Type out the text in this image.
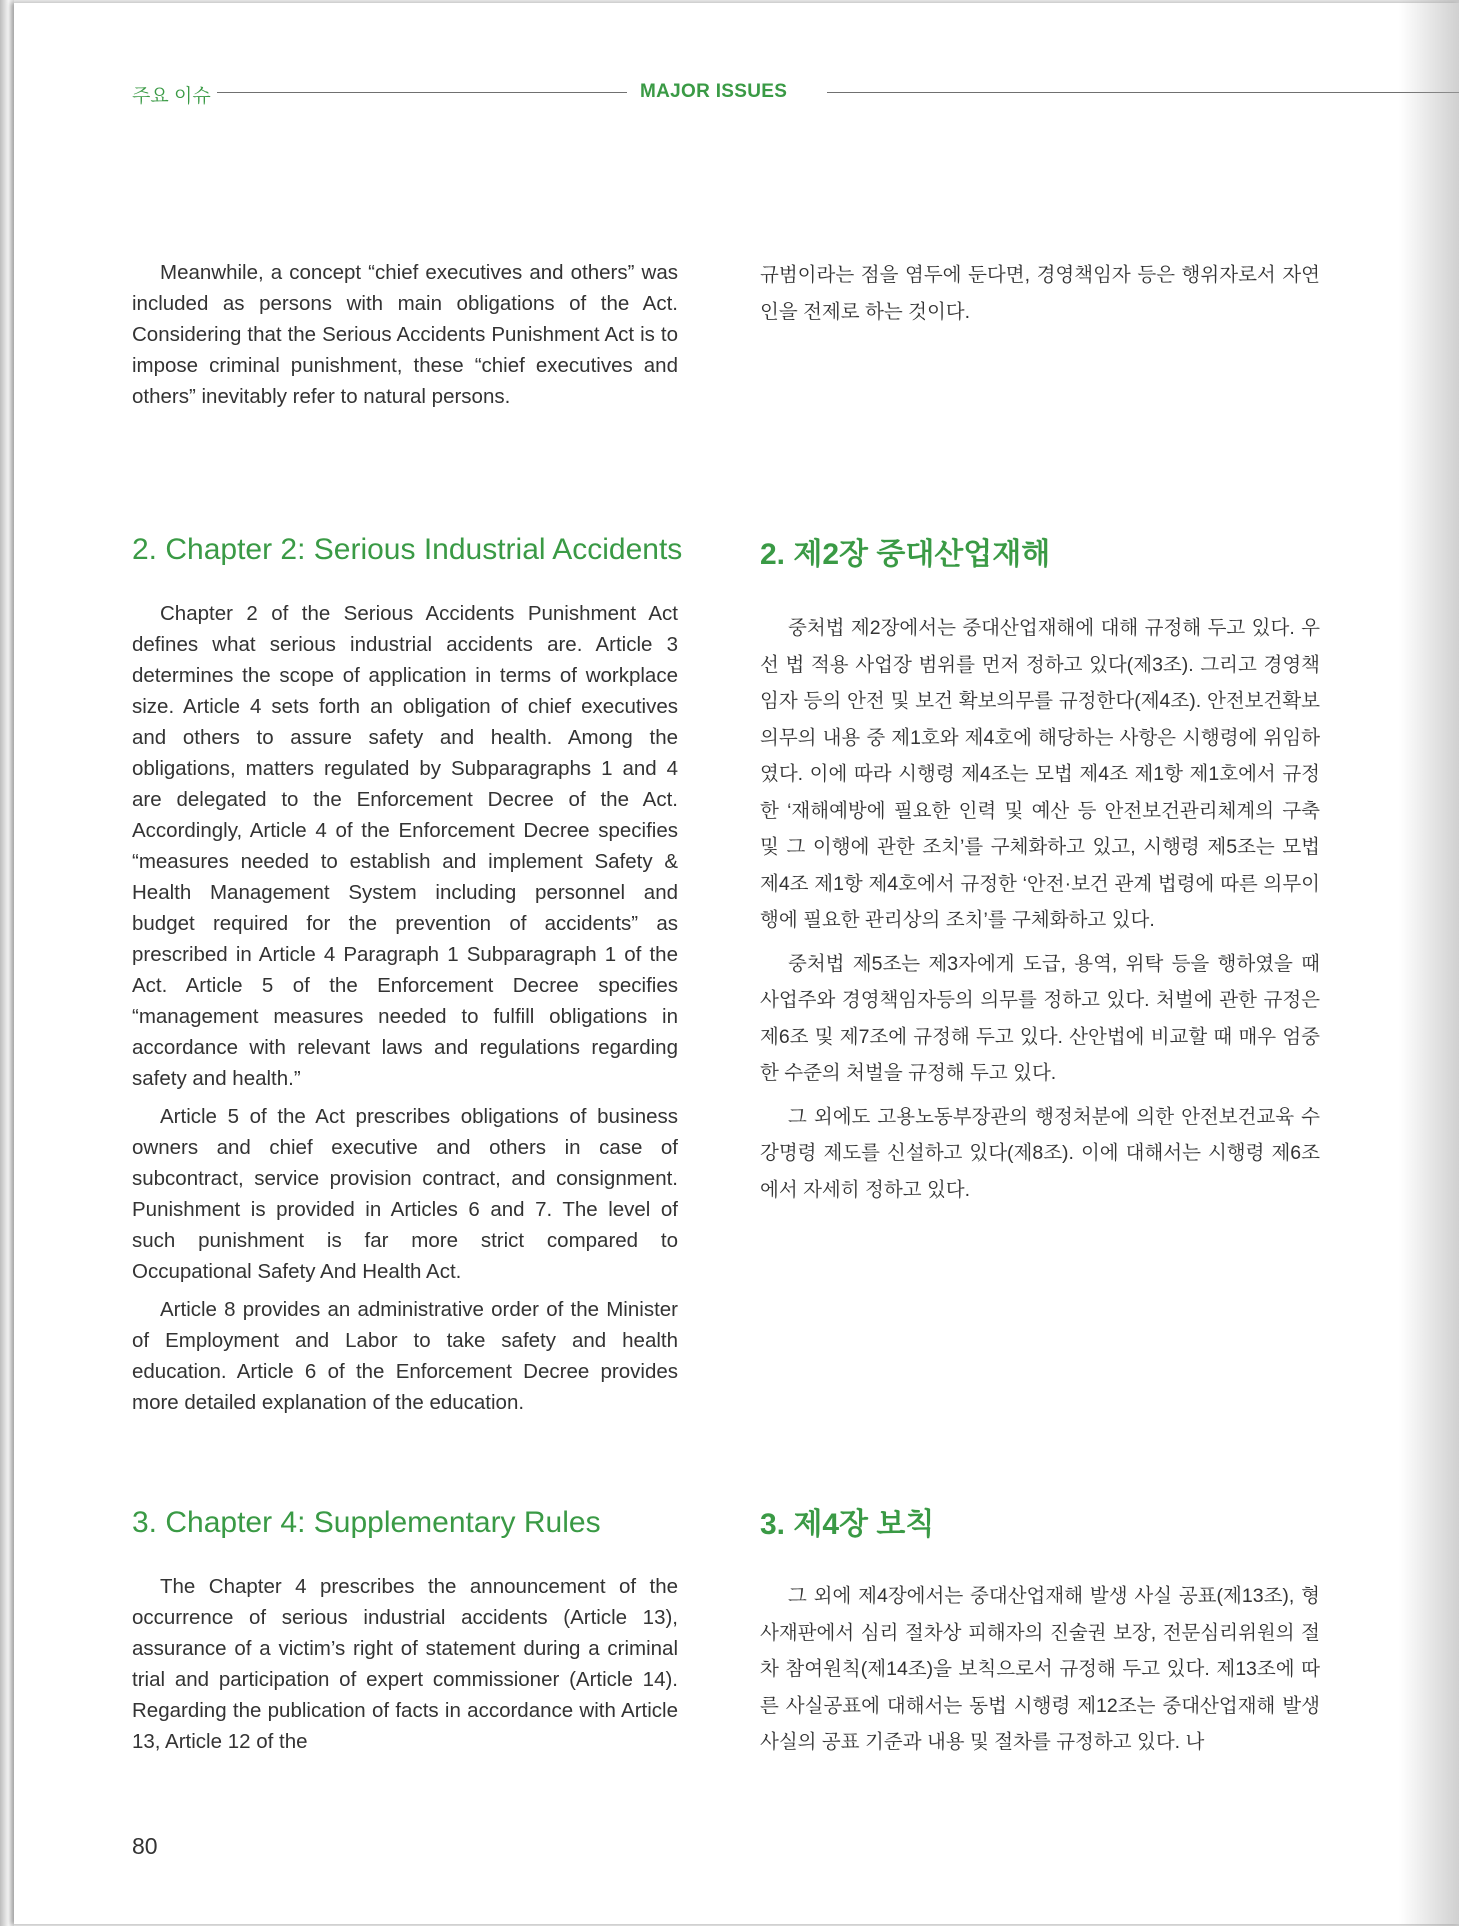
주요 이슈	MAJOR ISSUES

Meanwhile, a concept “chief executives and others” was included as persons with main obligations of the Act. Considering that the Serious Accidents Punishment Act is to impose criminal punishment, these “chief executives and others” inevitably refer to natural persons.

규범이라는 점을 염두에 둔다면, 경영책임자 등은 행위자로서 자연인을 전제로 하는 것이다.

2. Chapter 2: Serious Industrial Accidents	2. 제2장 중대산업재해

Chapter 2 of the Serious Accidents Punishment Act defines what serious industrial accidents are. Article 3 determines the scope of application in terms of workplace size. Article 4 sets forth an obligation of chief executives and others to assure safety and health. Among the obligations, matters regulated by Subparagraphs 1 and 4 are delegated to the Enforcement Decree of the Act. Accordingly, Article 4 of the Enforcement Decree specifies “measures needed to establish and implement Safety & Health Management System including personnel and budget required for the prevention of accidents” as prescribed in Article 4 Paragraph 1 Subparagraph 1 of the Act. Article 5 of the Enforcement Decree specifies “management measures needed to fulfill obligations in accordance with relevant laws and regulations regarding safety and health.”

Article 5 of the Act prescribes obligations of business owners and chief executive and others in case of subcontract, service provision contract, and consignment. Punishment is provided in Articles 6 and 7. The level of such punishment is far more strict compared to Occupational Safety And Health Act.

Article 8 provides an administrative order of the Minister of Employment and Labor to take safety and health education. Article 6 of the Enforcement Decree provides more detailed explanation of the education.

중처법 제2장에서는 중대산업재해에 대해 규정해 두고 있다. 우선 법 적용 사업장 범위를 먼저 정하고 있다(제3조). 그리고 경영책임자 등의 안전 및 보건 확보의무를 규정한다(제4조). 안전보건확보의무의 내용 중 제1호와 제4호에 해당하는 사항은 시행령에 위임하였다. 이에 따라 시행령 제4조는 모법 제4조 제1항 제1호에서 규정한 ‘재해예방에 필요한 인력 및 예산 등 안전보건관리체계의 구축 및 그 이행에 관한 조치’를 구체화하고 있고, 시행령 제5조는 모법 제4조 제1항 제4호에서 규정한 ‘안전·보건 관계 법령에 따른 의무이행에 필요한 관리상의 조치’를 구체화하고 있다.

중처법 제5조는 제3자에게 도급, 용역, 위탁 등을 행하였을 때 사업주와 경영책임자등의 의무를 정하고 있다. 처벌에 관한 규정은 제6조 및 제7조에 규정해 두고 있다. 산안법에 비교할 때 매우 엄중한 수준의 처벌을 규정해 두고 있다.

그 외에도 고용노동부장관의 행정처분에 의한 안전보건교육 수강명령 제도를 신설하고 있다(제8조). 이에 대해서는 시행령 제6조에서 자세히 정하고 있다.

3. Chapter 4: Supplementary Rules	3. 제4장 보칙

The Chapter 4 prescribes the announcement of the occurrence of serious industrial accidents (Article 13), assurance of a victim’s right of statement during a criminal trial and participation of expert commissioner (Article 14). Regarding the publication of facts in accordance with Article 13, Article 12 of the

그 외에 제4장에서는 중대산업재해 발생 사실 공표(제13조), 형사재판에서 심리 절차상 피해자의 진술권 보장, 전문심리위원의 절차 참여원칙(제14조)을 보칙으로서 규정해 두고 있다. 제13조에 따른 사실공표에 대해서는 동법 시행령 제12조는 중대산업재해 발생 사실의 공표 기준과 내용 및 절차를 규정하고 있다. 나

80
